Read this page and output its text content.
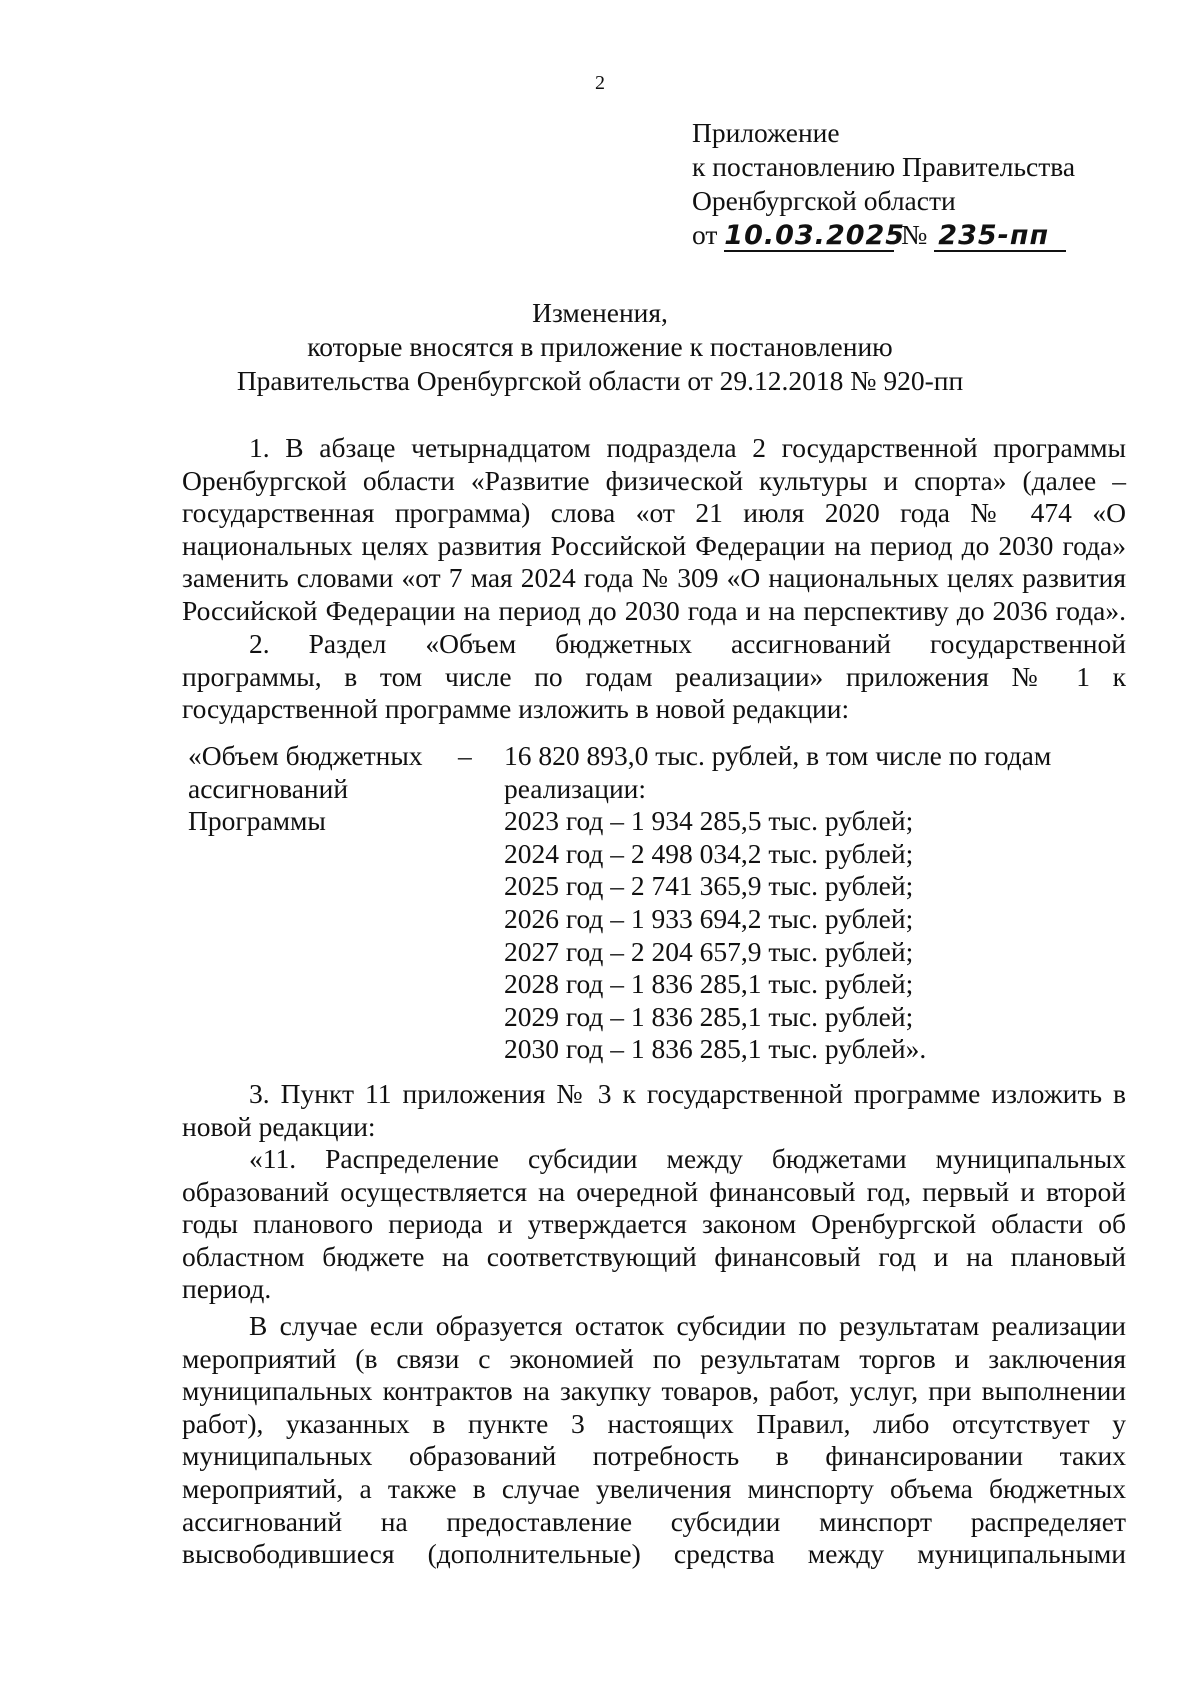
2
Приложение
к постановлению Правительства
Оренбургской области
от 10.03.2025 № 235-пп
Изменения,
которые вносятся в приложение к постановлению
Правительства Оренбургской области от 29.12.2018 № 920-пп

1. В абзаце четырнадцатом подраздела 2 государственной программы

Оренбургской области «Развитие физической культуры и спорта» (далее –

государственная программа) слова «от 21 июля 2020 года № 474 «О

национальных целях развития Российской Федерации на период до 2030 года»

заменить словами «от 7 мая 2024 года № 309 «О национальных целях развития

Российской Федерации на период до 2030 года и на перспективу до 2036 года».

2. Раздел «Объем бюджетных ассигнований государственной

программы, в том числе по годам реализации» приложения № 1 к

государственной программе изложить в новой редакции:

«Объем бюджетных
ассигнований
Программы
– 16 820 893,0 тыс. рублей, в том числе по годам
реализации:
2023 год – 1 934 285,5 тыс. рублей;
2024 год – 2 498 034,2 тыс. рублей;
2025 год – 2 741 365,9 тыс. рублей;
2026 год – 1 933 694,2 тыс. рублей;
2027 год – 2 204 657,9 тыс. рублей;
2028 год – 1 836 285,1 тыс. рублей;
2029 год – 1 836 285,1 тыс. рублей;
2030 год – 1 836 285,1 тыс. рублей».

3. Пункт 11 приложения № 3 к государственной программе изложить в

новой редакции:

«11. Распределение субсидии между бюджетами муниципальных

образований осуществляется на очередной финансовый год, первый и второй

годы планового периода и утверждается законом Оренбургской области об

областном бюджете на соответствующий финансовый год и на плановый

период.

В случае если образуется остаток субсидии по результатам реализации

мероприятий (в связи с экономией по результатам торгов и заключения

муниципальных контрактов на закупку товаров, работ, услуг, при выполнении

работ), указанных в пункте 3 настоящих Правил, либо отсутствует у

муниципальных образований потребность в финансировании таких

мероприятий, а также в случае увеличения минспорту объема бюджетных

ассигнований на предоставление субсидии минспорт распределяет

высвободившиеся (дополнительные) средства между муниципальными
